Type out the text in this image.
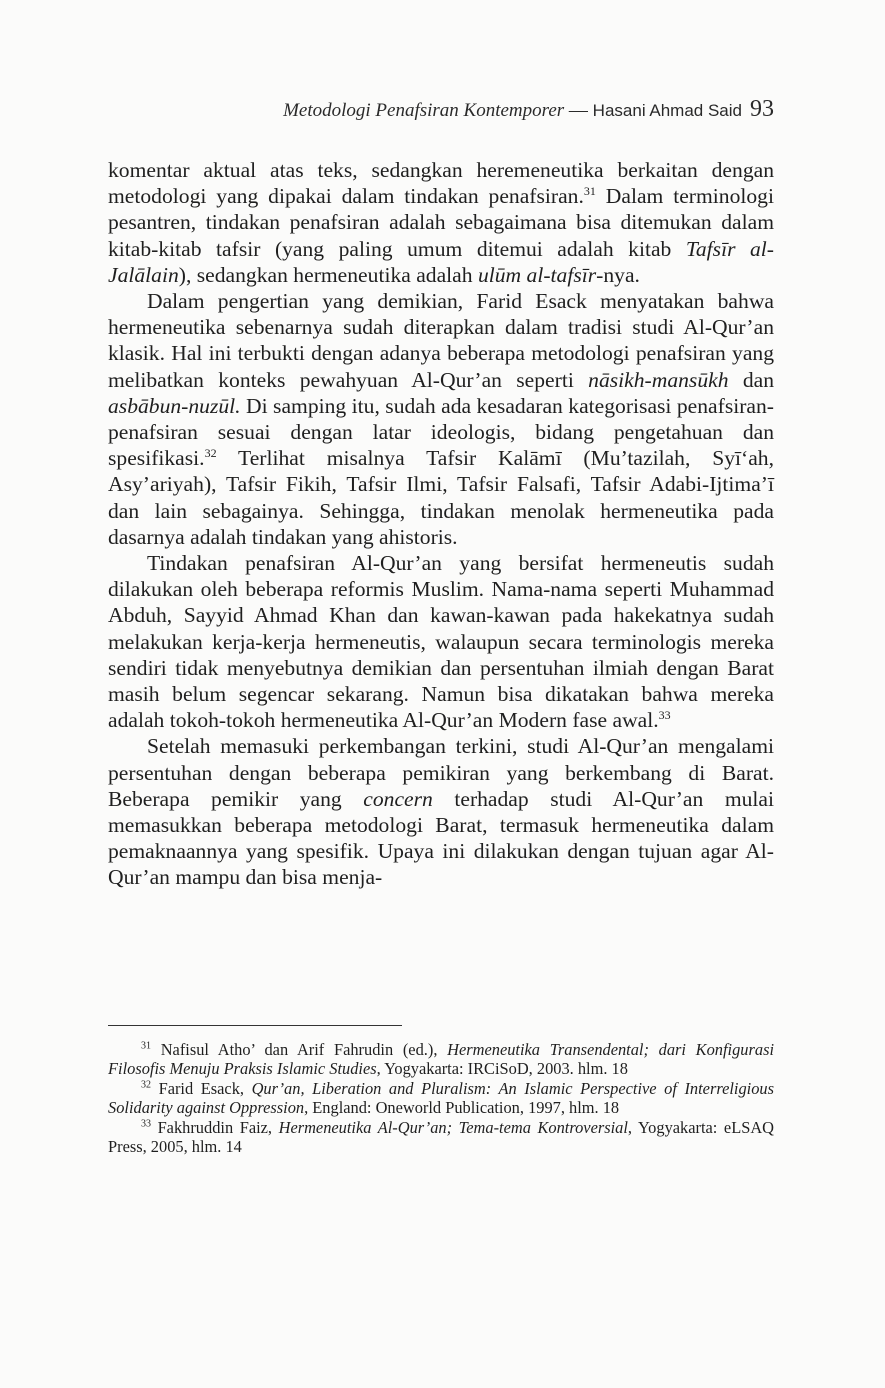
Metodologi Penafsiran Kontemporer — Hasani Ahmad Said 93

komentar aktual atas teks, sedangkan heremeneutika berkaitan dengan metodologi yang dipakai dalam tindakan penafsiran.$^{31}$ Dalam terminologi pesantren, tindakan penafsiran adalah sebagaimana bisa ditemukan dalam kitab-kitab tafsir (yang paling umum ditemui adalah kitab Tafsīr al-Jalālain), sedangkan hermeneutika adalah ulūm al-tafsīr-nya.

Dalam pengertian yang demikian, Farid Esack menyatakan bahwa hermeneutika sebenarnya sudah diterapkan dalam tradisi studi Al-Qur’an klasik. Hal ini terbukti dengan adanya beberapa metodologi penafsiran yang melibatkan konteks pewahyuan Al-Qur’an seperti nāsikh-mansūkh dan asbābun-nuzūl. Di samping itu, sudah ada kesadaran kategorisasi penafsiran-penafsiran sesuai dengan latar ideologis, bidang pengetahuan dan spesifikasi.$^{32}$ Terlihat misalnya Tafsir Kalāmī (Mu’tazilah, Syī‘ah, Asy’ariyah), Tafsir Fikih, Tafsir Ilmi, Tafsir Falsafi, Tafsir Adabi-Ijtima’ī dan lain sebagainya. Sehingga, tindakan menolak hermeneutika pada dasarnya adalah tindakan yang ahistoris.

Tindakan penafsiran Al-Qur’an yang bersifat hermeneutis sudah dilakukan oleh beberapa reformis Muslim. Nama-nama seperti Muhammad Abduh, Sayyid Ahmad Khan dan kawan-kawan pada hakekatnya sudah melakukan kerja-kerja hermeneutis, walaupun secara terminologis mereka sendiri tidak menyebutnya demikian dan persentuhan ilmiah dengan Barat masih belum segencar sekarang. Namun bisa dikatakan bahwa mereka adalah tokoh-tokoh hermeneutika Al-Qur’an Modern fase awal.$^{33}$

Setelah memasuki perkembangan terkini, studi Al-Qur’an mengalami persentuhan dengan beberapa pemikiran yang berkembang di Barat. Beberapa pemikir yang concern terhadap studi Al-Qur’an mulai memasukkan beberapa metodologi Barat, termasuk hermeneutika dalam pemaknaannya yang spesifik. Upaya ini dilakukan dengan tujuan agar Al-Qur’an mampu dan bisa menja-

$^{31}$ Nafisul Atho’ dan Arif Fahrudin (ed.), Hermeneutika Transendental; dari Konfigurasi Filosofis Menuju Praksis Islamic Studies, Yogyakarta: IRCiSoD, 2003. hlm. 18

$^{32}$ Farid Esack, Qur’an, Liberation and Pluralism: An Islamic Perspective of Interreligious Solidarity against Oppression, England: Oneworld Publication, 1997, hlm. 18

$^{33}$ Fakhruddin Faiz, Hermeneutika Al-Qur’an; Tema-tema Kontroversial, Yogyakarta: eLSAQ Press, 2005, hlm. 14
